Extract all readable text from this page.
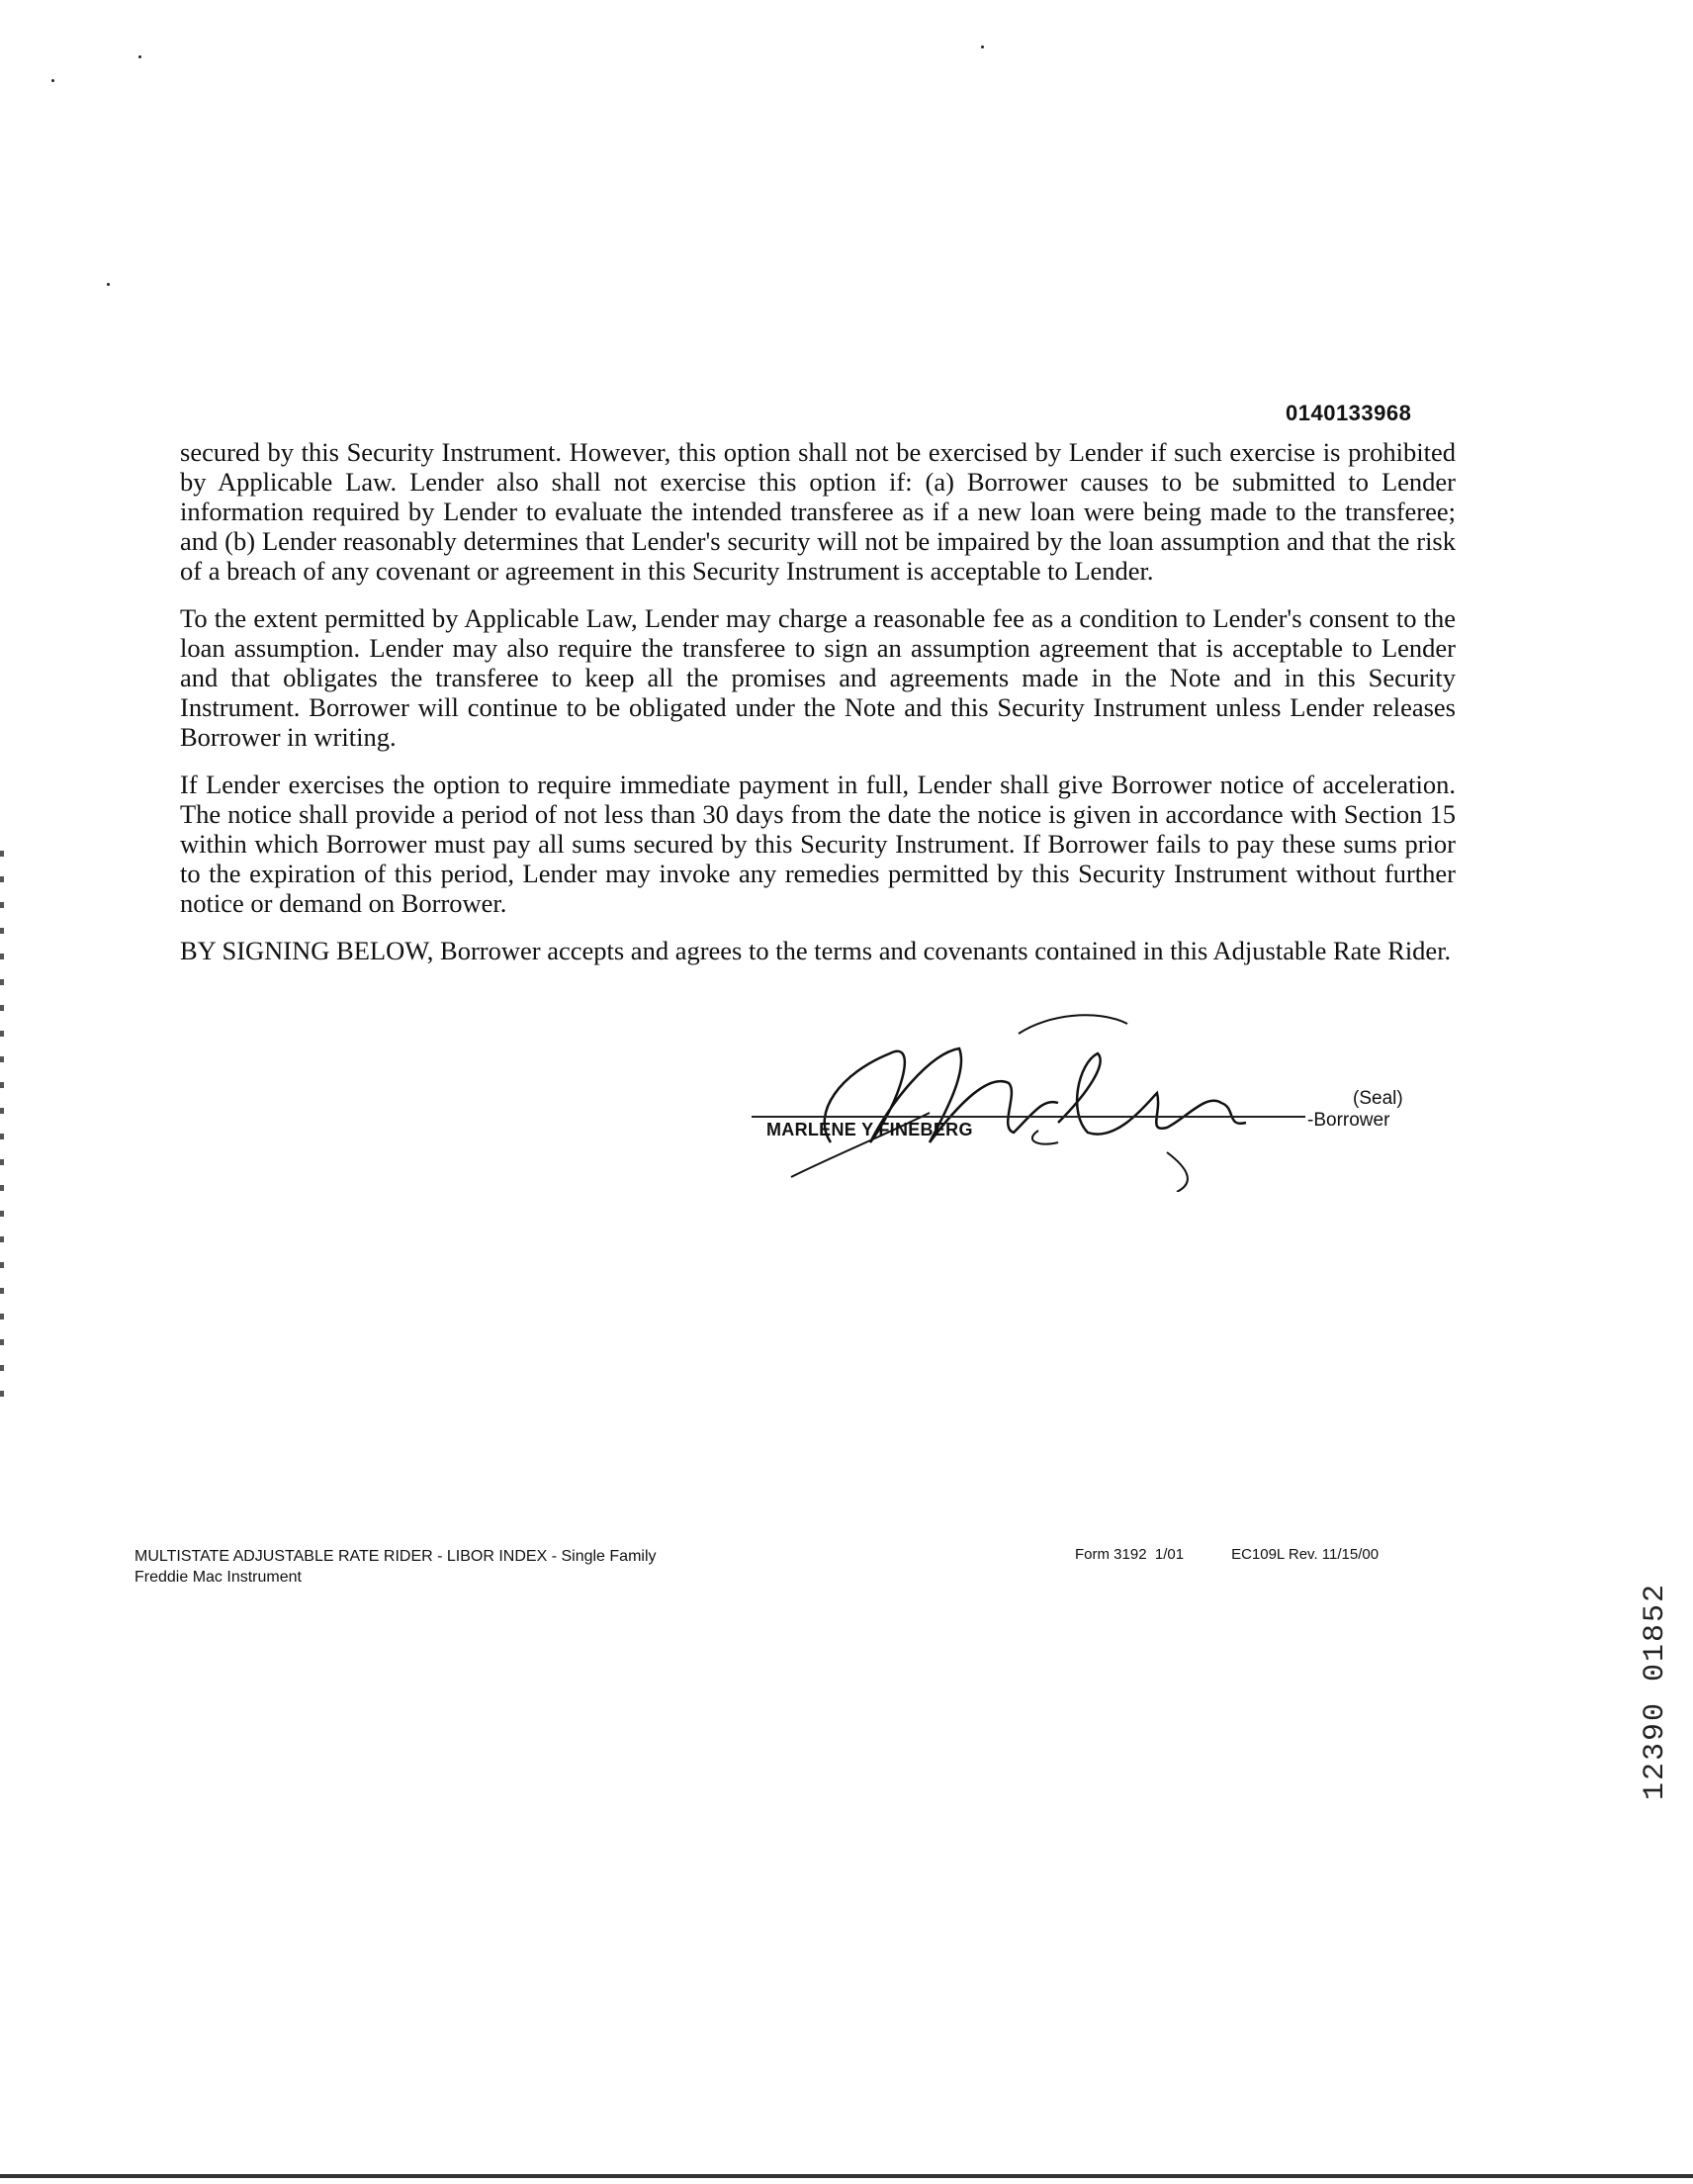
0140133968

secured by this Security Instrument. However, this option shall not be exercised by Lender if such exercise is prohibited by Applicable Law. Lender also shall not exercise this option if: (a) Borrower causes to be submitted to Lender information required by Lender to evaluate the intended transferee as if a new loan were being made to the transferee; and (b) Lender reasonably determines that Lender's security will not be impaired by the loan assumption and that the risk of a breach of any covenant or agreement in this Security Instrument is acceptable to Lender.

To the extent permitted by Applicable Law, Lender may charge a reasonable fee as a condition to Lender's consent to the loan assumption. Lender may also require the transferee to sign an assumption agreement that is acceptable to Lender and that obligates the transferee to keep all the promises and agreements made in the Note and in this Security Instrument. Borrower will continue to be obligated under the Note and this Security Instrument unless Lender releases Borrower in writing.

If Lender exercises the option to require immediate payment in full, Lender shall give Borrower notice of acceleration. The notice shall provide a period of not less than 30 days from the date the notice is given in accordance with Section 15 within which Borrower must pay all sums secured by this Security Instrument. If Borrower fails to pay these sums prior to the expiration of this period, Lender may invoke any remedies permitted by this Security Instrument without further notice or demand on Borrower.

BY SIGNING BELOW, Borrower accepts and agrees to the terms and covenants contained in this Adjustable Rate Rider.

MARLENE Y FINEBERG
(Seal)
-Borrower
MULTISTATE ADJUSTABLE RATE RIDER - LIBOR INDEX - Single Family
Freddie Mac Instrument
Form 3192  1/01	EC109L Rev. 11/15/00
12390 01852
